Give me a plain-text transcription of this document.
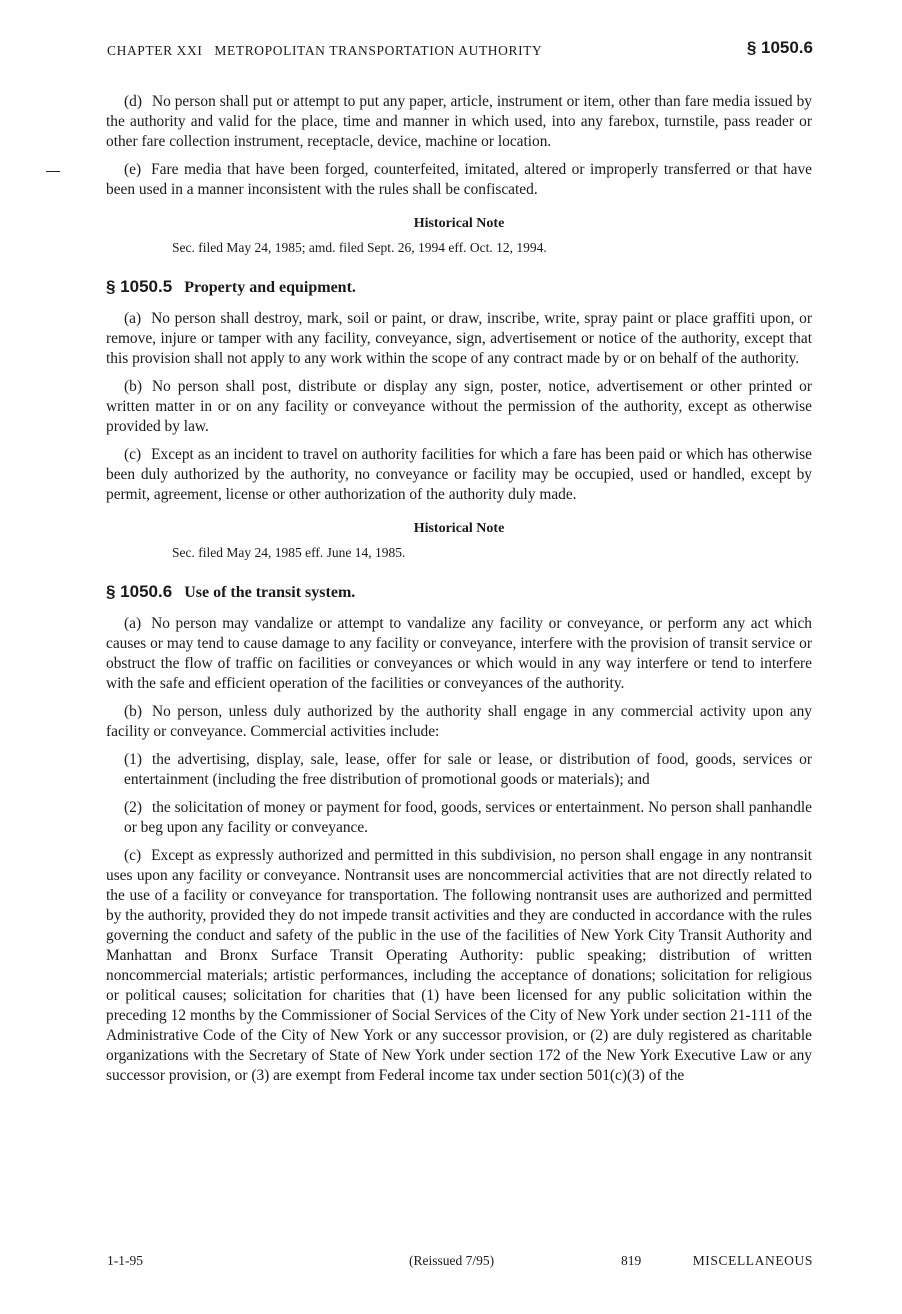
CHAPTER XXI   METROPOLITAN TRANSPORTATION AUTHORITY	§ 1050.6

(d) No person shall put or attempt to put any paper, article, instrument or item, other than fare media issued by the authority and valid for the place, time and manner in which used, into any farebox, turnstile, pass reader or other fare collection instrument, receptacle, device, machine or location.

(e) Fare media that have been forged, counterfeited, imitated, altered or improperly transferred or that have been used in a manner inconsistent with the rules shall be confiscated.

Historical Note

Sec. filed May 24, 1985; amd. filed Sept. 26, 1994 eff. Oct. 12, 1994.

§ 1050.5 Property and equipment.

(a) No person shall destroy, mark, soil or paint, or draw, inscribe, write, spray paint or place graffiti upon, or remove, injure or tamper with any facility, conveyance, sign, advertisement or notice of the authority, except that this provision shall not apply to any work within the scope of any contract made by or on behalf of the authority.

(b) No person shall post, distribute or display any sign, poster, notice, advertisement or other printed or written matter in or on any facility or conveyance without the permission of the authority, except as otherwise provided by law.

(c) Except as an incident to travel on authority facilities for which a fare has been paid or which has otherwise been duly authorized by the authority, no conveyance or facility may be occupied, used or handled, except by permit, agreement, license or other authorization of the authority duly made.

Historical Note

Sec. filed May 24, 1985 eff. June 14, 1985.

§ 1050.6 Use of the transit system.

(a) No person may vandalize or attempt to vandalize any facility or conveyance, or perform any act which causes or may tend to cause damage to any facility or conveyance, interfere with the provision of transit service or obstruct the flow of traffic on facilities or conveyances or which would in any way interfere or tend to interfere with the safe and efficient operation of the facilities or conveyances of the authority.

(b) No person, unless duly authorized by the authority shall engage in any commercial activity upon any facility or conveyance. Commercial activities include:

(1) the advertising, display, sale, lease, offer for sale or lease, or distribution of food, goods, services or entertainment (including the free distribution of promotional goods or materials); and

(2) the solicitation of money or payment for food, goods, services or entertainment. No person shall panhandle or beg upon any facility or conveyance.

(c) Except as expressly authorized and permitted in this subdivision, no person shall engage in any nontransit uses upon any facility or conveyance. Nontransit uses are noncommercial activities that are not directly related to the use of a facility or conveyance for transportation. The following nontransit uses are authorized and permitted by the authority, provided they do not impede transit activities and they are conducted in accordance with the rules governing the conduct and safety of the public in the use of the facilities of New York City Transit Authority and Manhattan and Bronx Surface Transit Operating Authority: public speaking; distribution of written noncommercial materials; artistic performances, including the acceptance of donations; solicitation for religious or political causes; solicitation for charities that (1) have been licensed for any public solicitation within the preceding 12 months by the Commissioner of Social Services of the City of New York under section 21-111 of the Administrative Code of the City of New York or any successor provision, or (2) are duly registered as charitable organizations with the Secretary of State of New York under section 172 of the New York Executive Law or any successor provision, or (3) are exempt from Federal income tax under section 501(c)(3) of the

1-1-95	(Reissued 7/95)	819	MISCELLANEOUS
